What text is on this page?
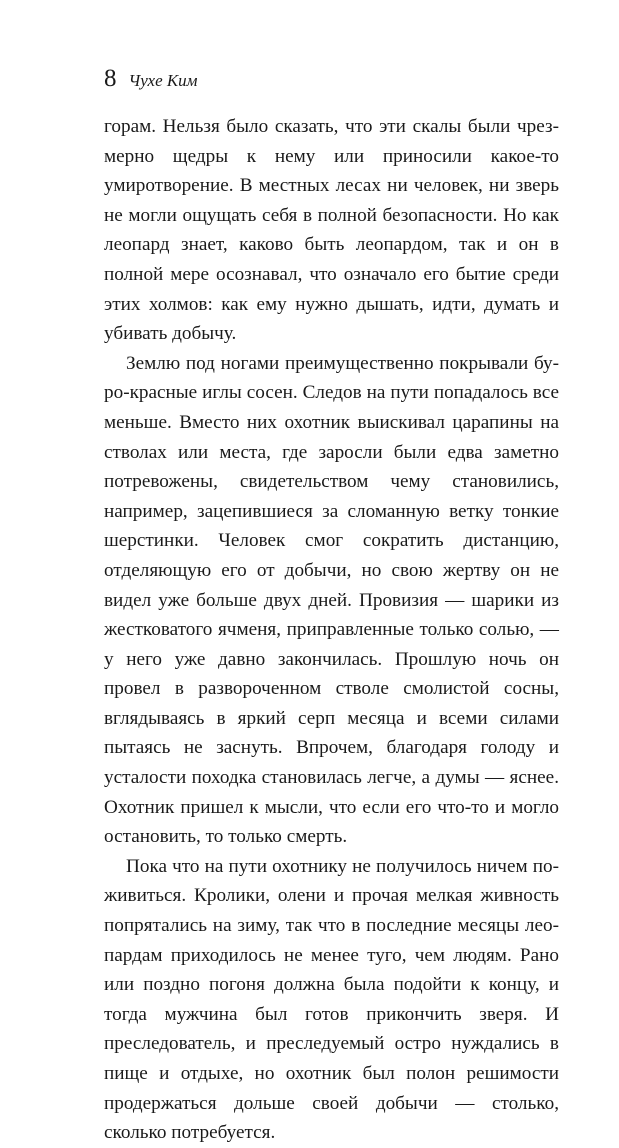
8 Чухе Ким

горам. Нельзя было сказать, что эти скалы были чрезмерно щедры к нему или приносили какое-то умиротворение. В местных лесах ни человек, ни зверь не могли ощущать себя в полной безопасности. Но как леопард знает, каково быть леопардом, так и он в полной мере осознавал, что означало его бытие среди этих холмов: как ему нужно дышать, идти, думать и убивать добычу.

Землю под ногами преимущественно покрывали буро-красные иглы сосен. Следов на пути попадалось все меньше. Вместо них охотник выискивал царапины на стволах или места, где заросли были едва заметно потревожены, свидетельством чему становились, например, зацепившиеся за сломанную ветку тонкие шерстинки. Человек смог сократить дистанцию, отделяющую его от добычи, но свою жертву он не видел уже больше двух дней. Провизия — шарики из жестковатого ячменя, приправленные только солью, — у него уже давно закончилась. Прошлую ночь он провел в развороченном стволе смолистой сосны, вглядываясь в яркий серп месяца и всеми силами пытаясь не заснуть. Впрочем, благодаря голоду и усталости походка становилась легче, а думы — яснее. Охотник пришел к мысли, что если его что-то и могло остановить, то только смерть.

Пока что на пути охотнику не получилось ничем поживиться. Кролики, олени и прочая мелкая живность попрятались на зиму, так что в последние месяцы леопардам приходилось не менее туго, чем людям. Рано или поздно погоня должна была подойти к концу, и тогда мужчина был готов прикончить зверя. И преследователь, и преследуемый остро нуждались в пище и отдыхе, но охотник был полон решимости продержаться дольше своей добычи — столько, сколько потребуется.
